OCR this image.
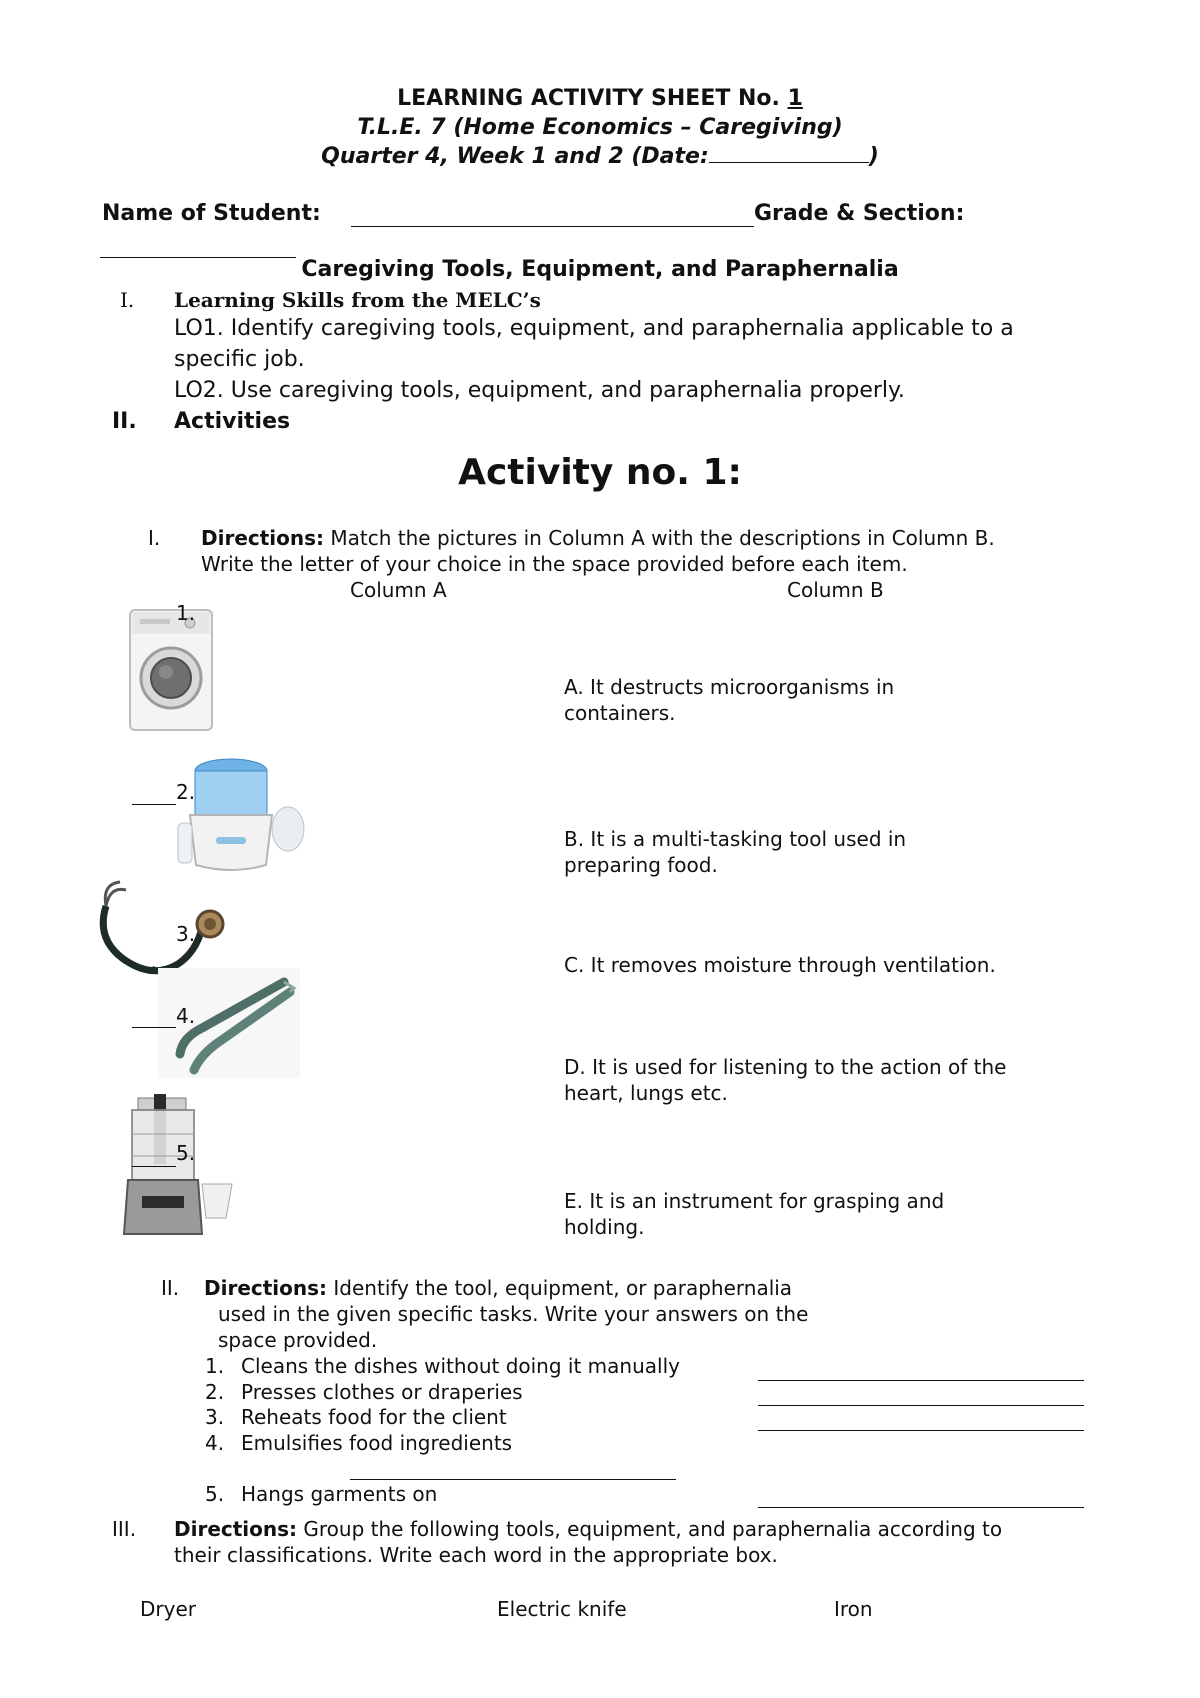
LEARNING ACTIVITY SHEET No. 1
T.L.E. 7 (Home Economics – Caregiving)
Quarter 4, Week 1 and 2 (Date:	)
Name of Student:	Grade & Section:
Caregiving Tools, Equipment, and Paraphernalia
I. Learning Skills from the MELC’s
LO1. Identify caregiving tools, equipment, and paraphernalia applicable to a
specific job.
LO2. Use caregiving tools, equipment, and paraphernalia properly.
II. Activities
Activity no. 1:
I. Directions: Match the pictures in Column A with the descriptions in Column B.
Write the letter of your choice in the space provided before each item.
Column A	Column B
1.
2.
3.
4.
5.
A. It destructs microorganisms in containers.
B. It is a multi-tasking tool used in preparing food.
C. It removes moisture through ventilation.
D. It is used for listening to the action of the heart, lungs etc.
E. It is an instrument for grasping and holding.
II. Directions: Identify the tool, equipment, or paraphernalia
used in the given specific tasks. Write your answers on the
space provided.
1. Cleans the dishes without doing it manually
2. Presses clothes or draperies
3. Reheats food for the client
4. Emulsifies food ingredients
5. Hangs garments on
III. Directions: Group the following tools, equipment, and paraphernalia according to
their classifications. Write each word in the appropriate box.
Dryer	Electric knife	Iron
